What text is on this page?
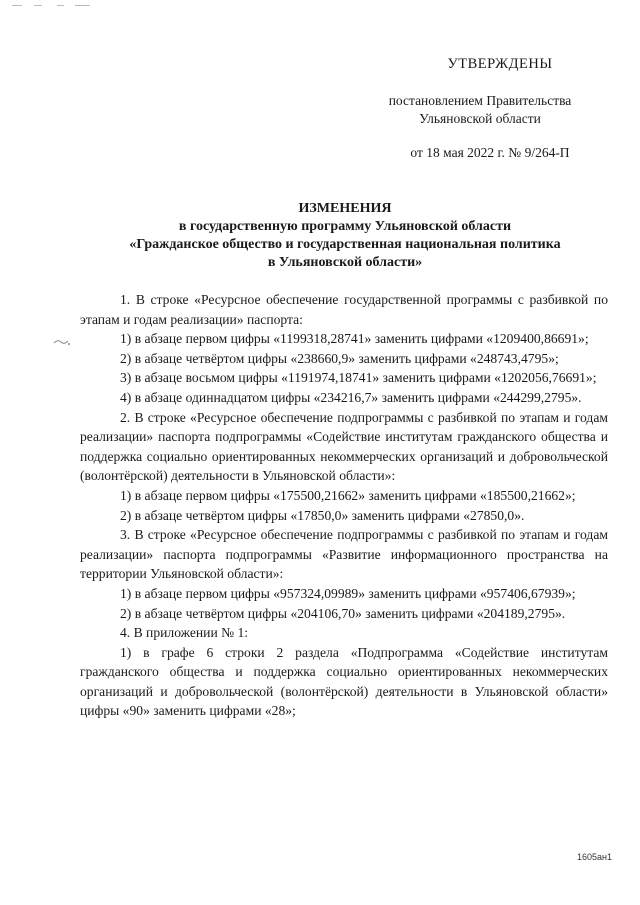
УТВЕРЖДЕНЫ
постановлением Правительства
Ульяновской области
от 18 мая 2022 г. № 9/264-П
ИЗМЕНЕНИЯ
в государственную программу Ульяновской области
«Гражданское общество и государственная национальная политика
в Ульяновской области»

1. В строке «Ресурсное обеспечение государственной программы с разбивкой по этапам и годам реализации» паспорта:

1) в абзаце первом цифры «1199318,28741» заменить цифрами «1209400,86691»;

2) в абзаце четвёртом цифры «238660,9» заменить цифрами «248743,4795»;

3) в абзаце восьмом цифры «1191974,18741» заменить цифрами «1202056,76691»;

4) в абзаце одиннадцатом цифры «234216,7» заменить цифрами «244299,2795».

2. В строке «Ресурсное обеспечение подпрограммы с разбивкой по этапам и годам реализации» паспорта подпрограммы «Содействие институтам гражданского общества и поддержка социально ориентированных некоммерческих организаций и добровольческой (волонтёрской) деятельности в Ульяновской области»:

1) в абзаце первом цифры «175500,21662» заменить цифрами «185500,21662»;

2) в абзаце четвёртом цифры «17850,0» заменить цифрами «27850,0».

3. В строке «Ресурсное обеспечение подпрограммы с разбивкой по этапам и годам реализации» паспорта подпрограммы «Развитие информационного пространства на территории Ульяновской области»:

1) в абзаце первом цифры «957324,09989» заменить цифрами «957406,67939»;

2) в абзаце четвёртом цифры «204106,70» заменить цифрами «204189,2795».

4. В приложении № 1:

1) в графе 6 строки 2 раздела «Подпрограмма «Содействие институтам гражданского общества и поддержка социально ориентированных некоммерческих организаций и добровольческой (волонтёрской) деятельности в Ульяновской области» цифры «90» заменить цифрами «28»;

1605ан1
